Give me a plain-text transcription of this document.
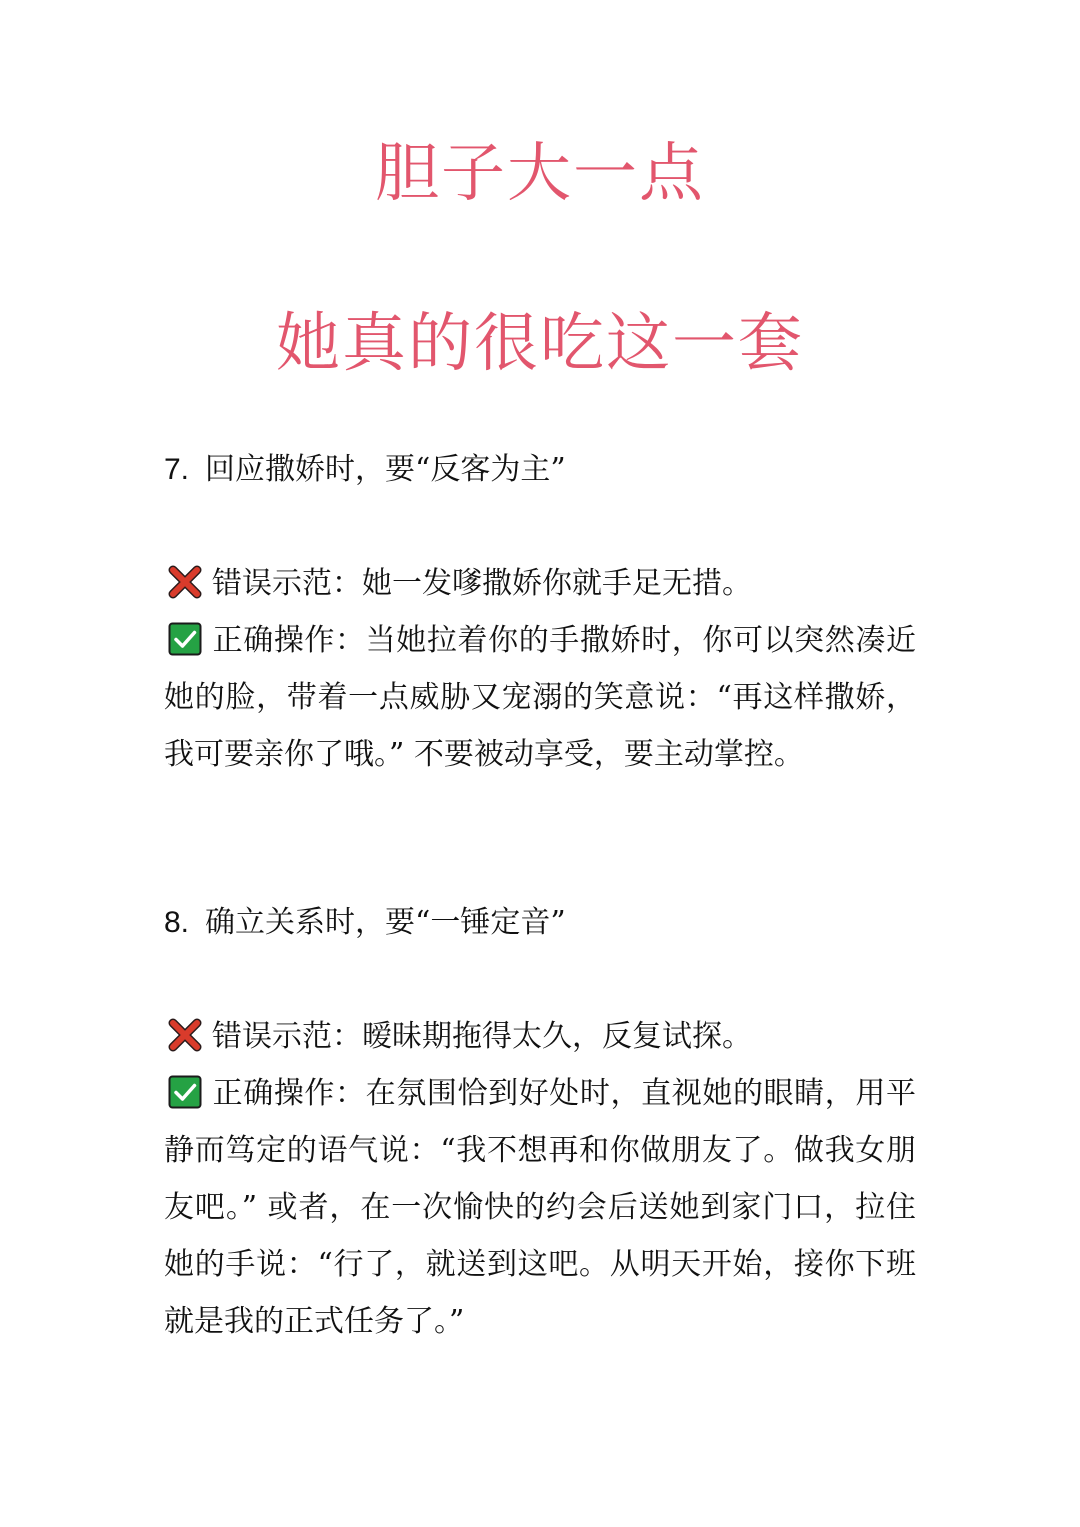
胆子大一点
她真的很吃这一套

7. 回应撒娇时，要“反客为主”

错误示范：她一发嗲撒娇你就手足无措。

正确操作：当她拉着你的手撒娇时，你可以突然凑近她的脸，带着一点威胁又宠溺的笑意说：“再这样撒娇，我可要亲你了哦。” 不要被动享受，要主动掌控。

8. 确立关系时，要“一锤定音”

错误示范：暧昧期拖得太久，反复试探。

正确操作：在氛围恰到好处时，直视她的眼睛，用平静而笃定的语气说：“我不想再和你做朋友了。做我女朋友吧。” 或者，在一次愉快的约会后送她到家门口，拉住她的手说：“行了，就送到这吧。从明天开始，接你下班就是我的正式任务了。”
